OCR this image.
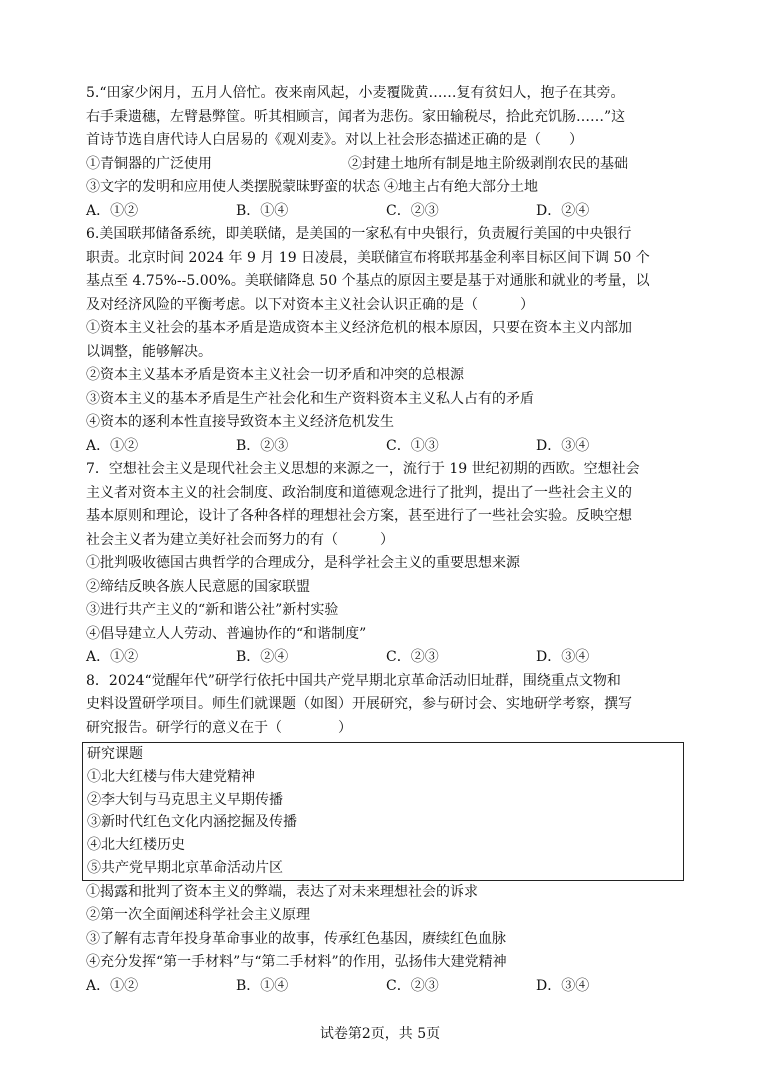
5.“田家少闲月，五月人倍忙。夜来南风起，小麦覆陇黄……复有贫妇人，抱子在其旁。
右手秉遗穗，左臂悬弊筐。听其相顾言，闻者为悲伤。家田输税尽，拾此充饥肠……”这
首诗节选自唐代诗人白居易的《观刈麦》。对以上社会形态描述正确的是（　　）
①青铜器的广泛使用	②封建土地所有制是地主阶级剥削农民的基础
③文字的发明和应用使人类摆脱蒙昧野蛮的状态 ④地主占有绝大部分土地
A．①②	B．①④	C．②③	D．②④
6.美国联邦储备系统，即美联储，是美国的一家私有中央银行，负责履行美国的中央银行
职责。北京时间 2024 年 9 月 19 日凌晨，美联储宣布将联邦基金利率目标区间下调 50 个
基点至 4.75%--5.00%。美联储降息 50 个基点的原因主要是基于对通胀和就业的考量，以
及对经济风险的平衡考虑。以下对资本主义社会认识正确的是（　　　）
①资本主义社会的基本矛盾是造成资本主义经济危机的根本原因，只要在资本主义内部加
以调整，能够解决。
②资本主义基本矛盾是资本主义社会一切矛盾和冲突的总根源
③资本主义的基本矛盾是生产社会化和生产资料资本主义私人占有的矛盾
④资本的逐利本性直接导致资本主义经济危机发生
A．①②	B．②③	C．①③	D．③④
7．空想社会主义是现代社会主义思想的来源之一，流行于 19 世纪初期的西欧。空想社会
主义者对资本主义的社会制度、政治制度和道德观念进行了批判，提出了一些社会主义的
基本原则和理论，设计了各种各样的理想社会方案，甚至进行了一些社会实验。反映空想
社会主义者为建立美好社会而努力的有（　　　）
①批判吸收德国古典哲学的合理成分，是科学社会主义的重要思想来源
②缔结反映各族人民意愿的国家联盟
③进行共产主义的“新和谐公社”新村实验
④倡导建立人人劳动、普遍协作的“和谐制度”
A．①②	B．②④	C．②③	D．③④
8．2024“觉醒年代”研学行依托中国共产党早期北京革命活动旧址群，围绕重点文物和
史料设置研学项目。师生们就课题（如图）开展研究，参与研讨会、实地研学考察，撰写
研究报告。研学行的意义在于（　　　　）
研究课题
①北大红楼与伟大建党精神
②李大钊与马克思主义早期传播
③新时代红色文化内涵挖掘及传播
④北大红楼历史
⑤共产党早期北京革命活动片区
①揭露和批判了资本主义的弊端，表达了对未来理想社会的诉求
②第一次全面阐述科学社会主义原理
③了解有志青年投身革命事业的故事，传承红色基因，赓续红色血脉
④充分发挥“第一手材料”与“第二手材料”的作用，弘扬伟大建党精神
A．①②	B．①④	C．②③	D．③④
试卷第2页，共 5页
